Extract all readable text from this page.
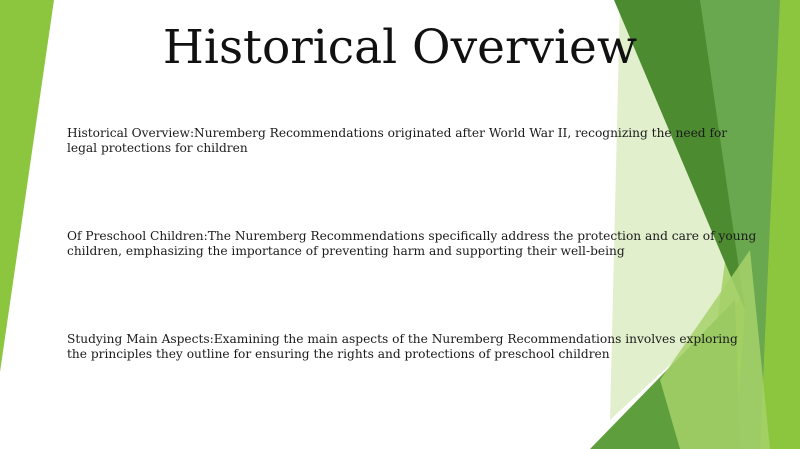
Historical Overview

Historical Overview:Nuremberg Recommendations originated after World War II, recognizing the need for legal protections for children

Of Preschool Children:The Nuremberg Recommendations specifically address the protection and care of young children, emphasizing the importance of preventing harm and supporting their well-being

Studying Main Aspects:Examining the main aspects of the Nuremberg Recommendations involves exploring the principles they outline for ensuring the rights and protections of preschool children
